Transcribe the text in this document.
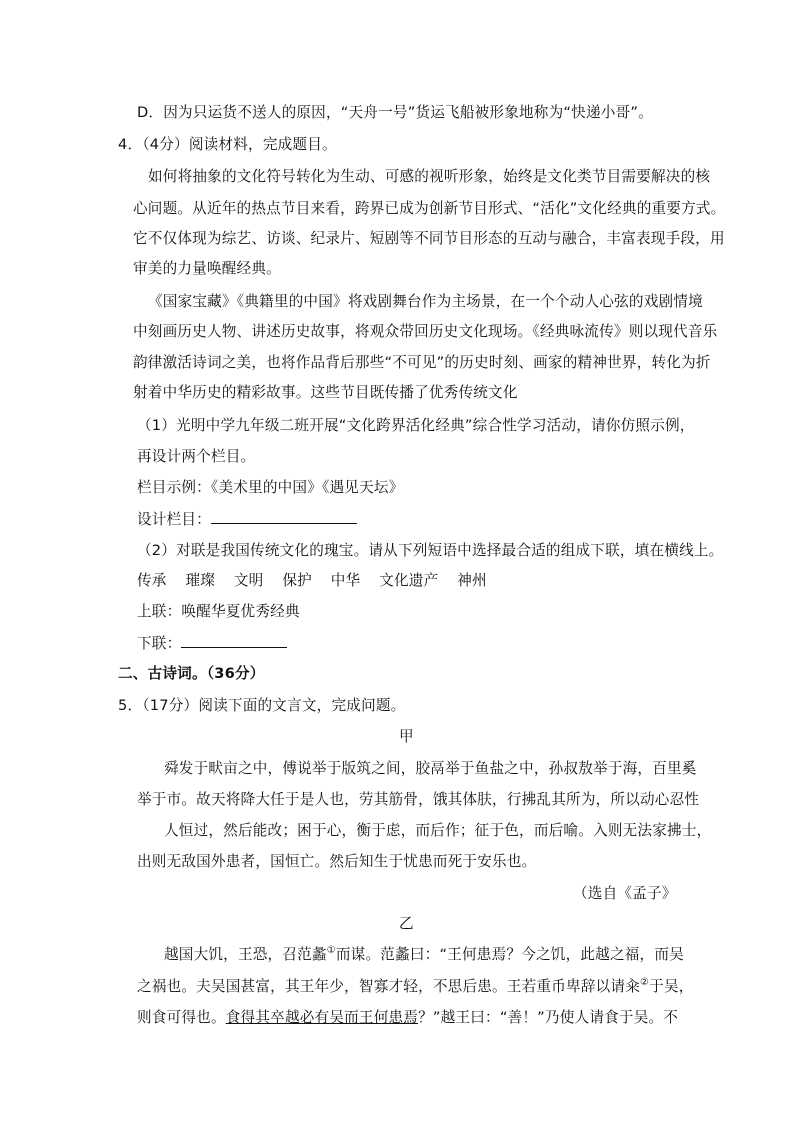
D．因为只运货不送人的原因，“天舟一号”货运飞船被形象地称为“快递小哥”。
4．（4分）阅读材料，完成题目。
如何将抽象的文化符号转化为生动、可感的视听形象，始终是文化类节目需要解决的核
心问题。从近年的热点节目来看，跨界已成为创新节目形式、“活化”文化经典的重要方式。
它不仅体现为综艺、访谈、纪录片、短剧等不同节目形态的互动与融合，丰富表现手段，用
审美的力量唤醒经典。
《国家宝藏》《典籍里的中国》将戏剧舞台作为主场景，在一个个动人心弦的戏剧情境
中刻画历史人物、讲述历史故事，将观众带回历史文化现场。《经典咏流传》则以现代音乐
韵律激活诗词之美，也将作品背后那些“不可见”的历史时刻、画家的精神世界，转化为折
射着中华历史的精彩故事。这些节目既传播了优秀传统文化
（1）光明中学九年级二班开展“文化跨界活化经典”综合性学习活动，请你仿照示例，
再设计两个栏目。
栏目示例：《美术里的中国》《遇见天坛》
设计栏目：
（2）对联是我国传统文化的瑰宝。请从下列短语中选择最合适的组成下联，填在横线上。
传承 璀璨 文明 保护 中华 文化遗产 神州
上联：唤醒华夏优秀经典
下联：
二、古诗词。（36分）
5．（17分）阅读下面的文言文，完成问题。
甲
舜发于畎亩之中，傅说举于版筑之间，胶鬲举于鱼盐之中，孙叔敖举于海，百里奚
举于市。故天将降大任于是人也，劳其筋骨，饿其体肤，行拂乱其所为，所以动心忍性
人恒过，然后能改；困于心，衡于虑，而后作；征于色，而后喻。入则无法家拂士，
出则无敌国外患者，国恒亡。然后知生于忧患而死于安乐也。
（选自《孟子》
乙
越国大饥，王恐，召范蠡①而谋。范蠡曰：“王何患焉？今之饥，此越之福，而吴
之祸也。夫吴国甚富，其王年少，智寡才轻，不思后患。王若重币卑辞以请籴②于吴，
则食可得也。食得其卒越必有吴而王何患焉？”越王曰：“善！”乃使人请食于吴。不
